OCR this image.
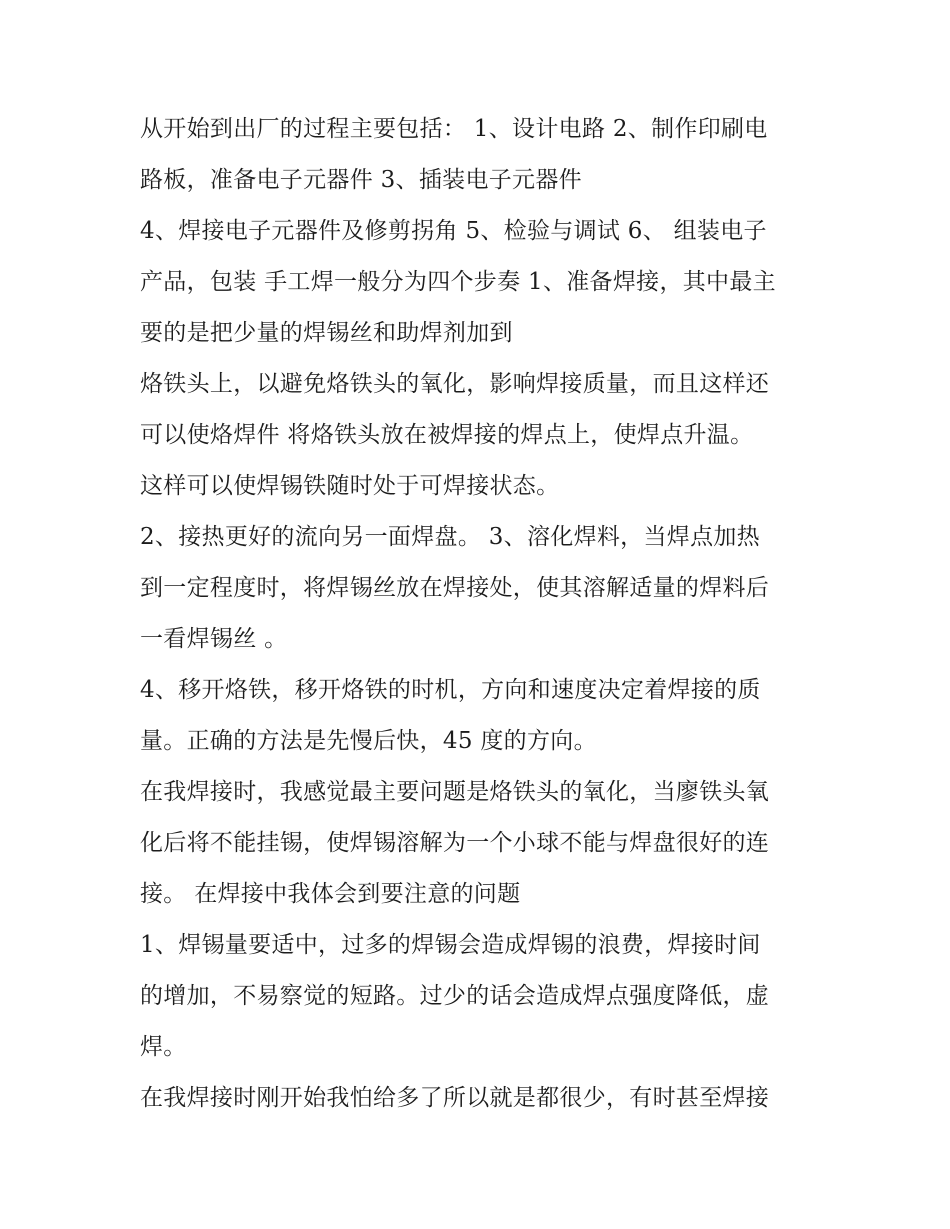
从开始到出厂的过程主要包括： 1、设计电路 2、制作印刷电
路板，准备电子元器件 3、插装电子元器件
4、焊接电子元器件及修剪拐角 5、检验与调试 6、 组装电子
产品，包装 手工焊一般分为四个步奏 1、准备焊接，其中最主
要的是把少量的焊锡丝和助焊剂加到
烙铁头上，以避免烙铁头的氧化，影响焊接质量，而且这样还
可以使烙焊件 将烙铁头放在被焊接的焊点上，使焊点升温。
这样可以使焊锡铁随时处于可焊接状态。
2、接热更好的流向另一面焊盘。 3、溶化焊料，当焊点加热
到一定程度时，将焊锡丝放在焊接处，使其溶解适量的焊料后
一看焊锡丝 。
4、移开烙铁，移开烙铁的时机，方向和速度决定着焊接的质
量。正确的方法是先慢后快，45 度的方向。
在我焊接时，我感觉最主要问题是烙铁头的氧化，当廖铁头氧
化后将不能挂锡，使焊锡溶解为一个小球不能与焊盘很好的连
接。 在焊接中我体会到要注意的问题
1、焊锡量要适中，过多的焊锡会造成焊锡的浪费，焊接时间
的增加，不易察觉的短路。过少的话会造成焊点强度降低，虚
焊。
在我焊接时刚开始我怕给多了所以就是都很少，有时甚至焊接
